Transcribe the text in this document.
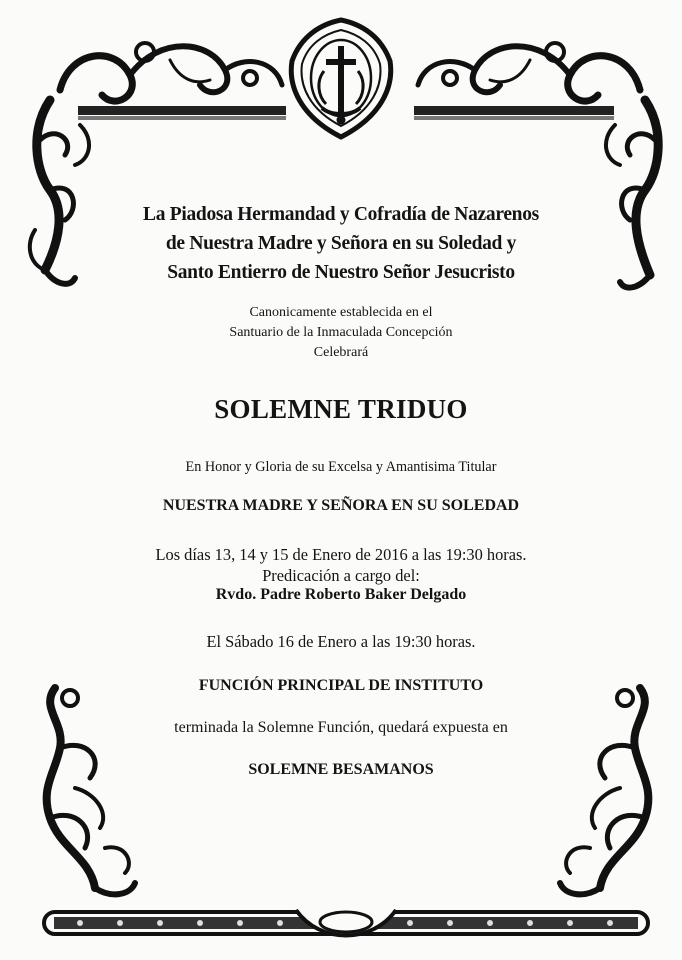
La Piadosa Hermandad y Cofradía de Nazarenos
de Nuestra Madre y Señora en su Soledad y
Santo Entierro de Nuestro Señor Jesucristo
Canonicamente establecida en el
Santuario de la Inmaculada Concepción
Celebrará
SOLEMNE TRIDUO
En Honor y Gloria de su Excelsa y Amantisima Titular
NUESTRA MADRE Y SEÑORA EN SU SOLEDAD
Los días 13, 14 y 15 de Enero de 2016 a las 19:30 horas.
Predicación a cargo del:
Rvdo. Padre Roberto Baker Delgado
El Sábado 16 de Enero a las 19:30 horas.
FUNCIÓN PRINCIPAL DE INSTITUTO
terminada la Solemne Función, quedará expuesta en
SOLEMNE BESAMANOS
